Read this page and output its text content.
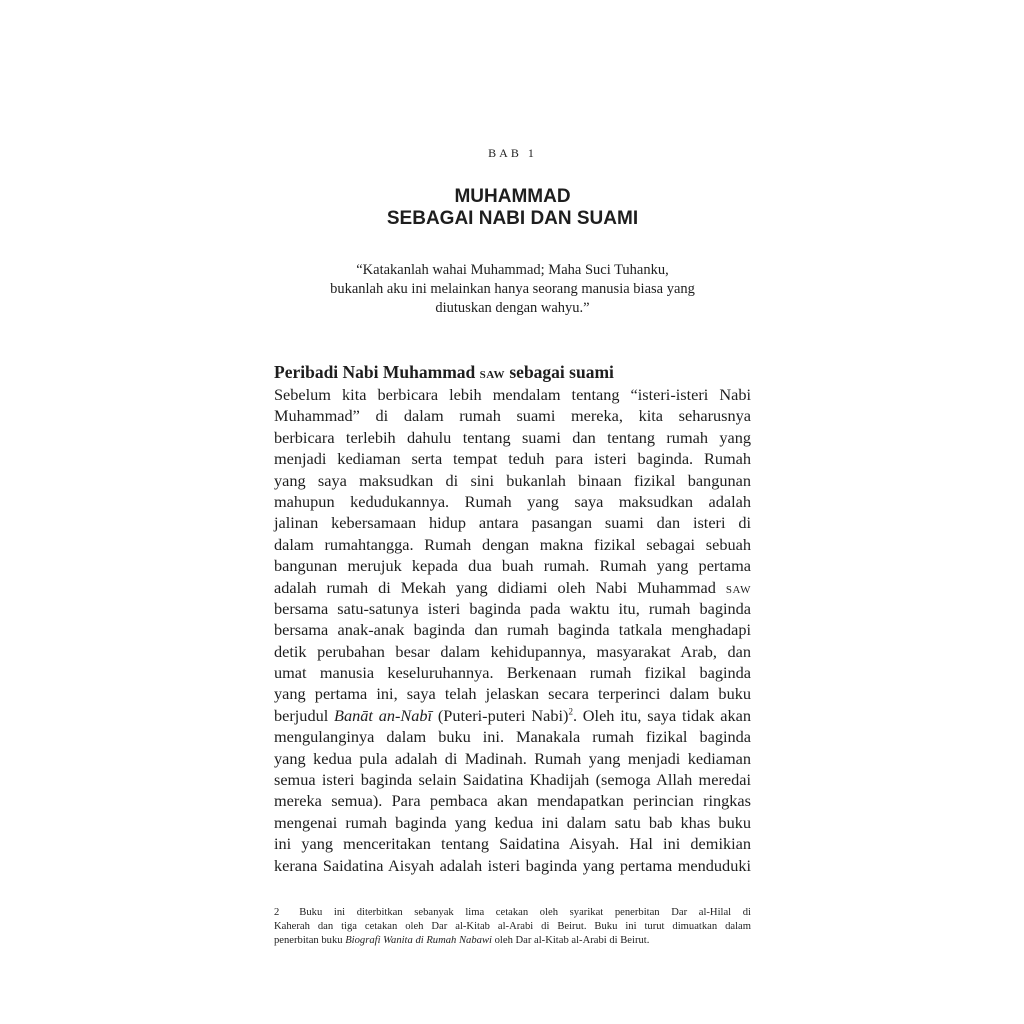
BAB 1
MUHAMMAD
SEBAGAI NABI DAN SUAMI
“Katakanlah wahai Muhammad; Maha Suci Tuhanku,
bukanlah aku ini melainkan hanya seorang manusia biasa yang
diutuskan dengan wahyu.”
Peribadi Nabi Muhammad SAW sebagai suami
Sebelum kita berbicara lebih mendalam tentang “isteri-isteri Nabi
Muhammad” di dalam rumah suami mereka, kita seharusnya
berbicara terlebih dahulu tentang suami dan tentang rumah yang
menjadi kediaman serta tempat teduh para isteri baginda. Rumah
yang saya maksudkan di sini bukanlah binaan fizikal bangunan
mahupun kedudukannya. Rumah yang saya maksudkan adalah
jalinan kebersamaan hidup antara pasangan suami dan isteri di
dalam rumahtangga. Rumah dengan makna fizikal sebagai sebuah
bangunan merujuk kepada dua buah rumah. Rumah yang pertama
adalah rumah di Mekah yang didiami oleh Nabi Muhammad SAW
bersama satu-satunya isteri baginda pada waktu itu, rumah baginda
bersama anak-anak baginda dan rumah baginda tatkala menghadapi
detik perubahan besar dalam kehidupannya, masyarakat Arab, dan
umat manusia keseluruhannya. Berkenaan rumah fizikal baginda
yang pertama ini, saya telah jelaskan secara terperinci dalam buku
berjudul Banāt an-Nabī (Puteri-puteri Nabi)$^2$. Oleh itu, saya tidak akan
mengulanginya dalam buku ini. Manakala rumah fizikal baginda
yang kedua pula adalah di Madinah. Rumah yang menjadi kediaman
semua isteri baginda selain Saidatina Khadijah (semoga Allah meredai
mereka semua). Para pembaca akan mendapatkan perincian ringkas
mengenai rumah baginda yang kedua ini dalam satu bab khas buku
ini yang menceritakan tentang Saidatina Aisyah. Hal ini demikian
kerana Saidatina Aisyah adalah isteri baginda yang pertama menduduki
2 Buku ini diterbitkan sebanyak lima cetakan oleh syarikat penerbitan Dar al-Hilal di
Kaherah dan tiga cetakan oleh Dar al-Kitab al-Arabi di Beirut. Buku ini turut dimuatkan dalam
penerbitan buku Biografi Wanita di Rumah Nabawi oleh Dar al-Kitab al-Arabi di Beirut.
